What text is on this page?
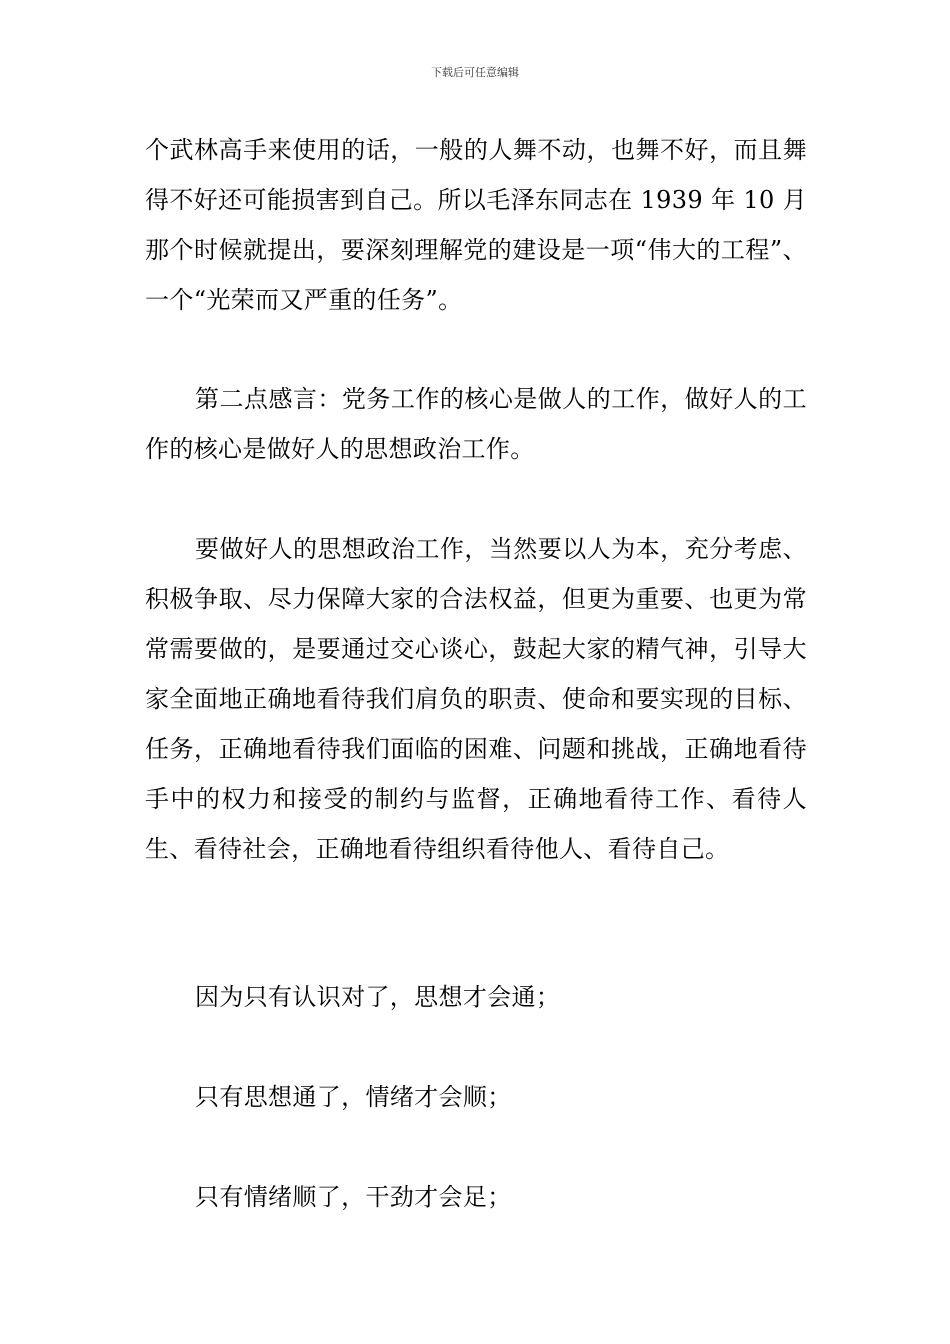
下载后可任意编辑

个武林高手来使用的话，一般的人舞不动，也舞不好，而且舞得不好还可能损害到自己。所以毛泽东同志在 1939 年 10 月那个时候就提出，要深刻理解党的建设是一项“伟大的工程”、一个“光荣而又严重的任务”。

第二点感言：党务工作的核心是做人的工作，做好人的工作的核心是做好人的思想政治工作。

要做好人的思想政治工作，当然要以人为本，充分考虑、积极争取、尽力保障大家的合法权益，但更为重要、也更为常常需要做的，是要通过交心谈心，鼓起大家的精气神，引导大家全面地正确地看待我们肩负的职责、使命和要实现的目标、任务，正确地看待我们面临的困难、问题和挑战，正确地看待手中的权力和接受的制约与监督，正确地看待工作、看待人生、看待社会，正确地看待组织看待他人、看待自己。

因为只有认识对了，思想才会通；

只有思想通了，情绪才会顺；

只有情绪顺了，干劲才会足；
